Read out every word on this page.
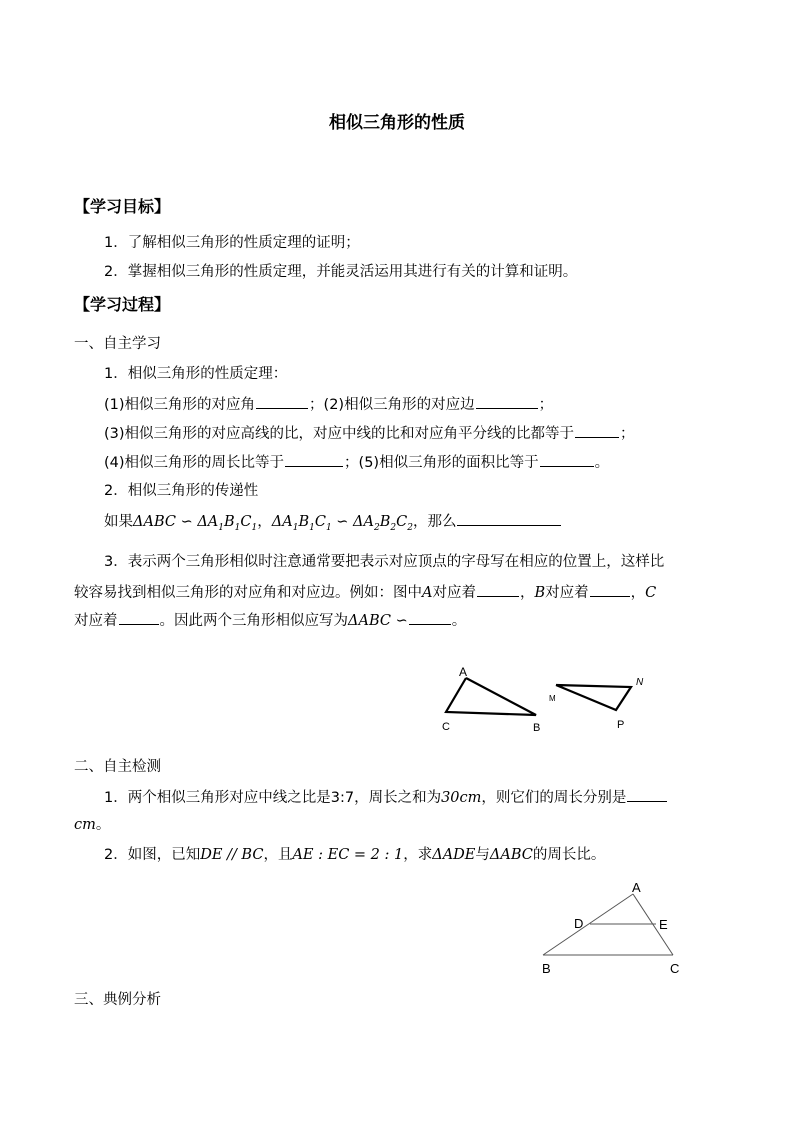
相似三角形的性质
【学习目标】
1．了解相似三角形的性质定理的证明；
2．掌握相似三角形的性质定理，并能灵活运用其进行有关的计算和证明。
【学习过程】
一、自主学习
1．相似三角形的性质定理：
(1)相似三角形的对应角	；(2)相似三角形的对应边	；
(3)相似三角形的对应高线的比，对应中线的比和对应角平分线的比都等于	；
(4)相似三角形的周长比等于	；(5)相似三角形的面积比等于	。
2．相似三角形的传递性
如果ΔABC ∽ $\Delta A_1B_1C_1$，$\Delta A_1B_1C_1$ ∽ $\Delta A_2B_2C_2$，那么
3．表示两个三角形相似时注意通常要把表示对应顶点的字母写在相应的位置上，这样比
较容易找到相似三角形的对应角和对应边。例如：图中A对应着	，B对应着	，C
对应着	。因此两个三角形相似应写为ΔABC ∽	。
A
C	B
M
N
P
二、自主检测
1．两个相似三角形对应中线之比是3:7，周长之和为30cm，则它们的周长分别是
cm。
2．如图，已知DE // BC，且AE : EC = 2 : 1，求ΔADE与ΔABC的周长比。
A
D	E
B	C
三、典例分析
